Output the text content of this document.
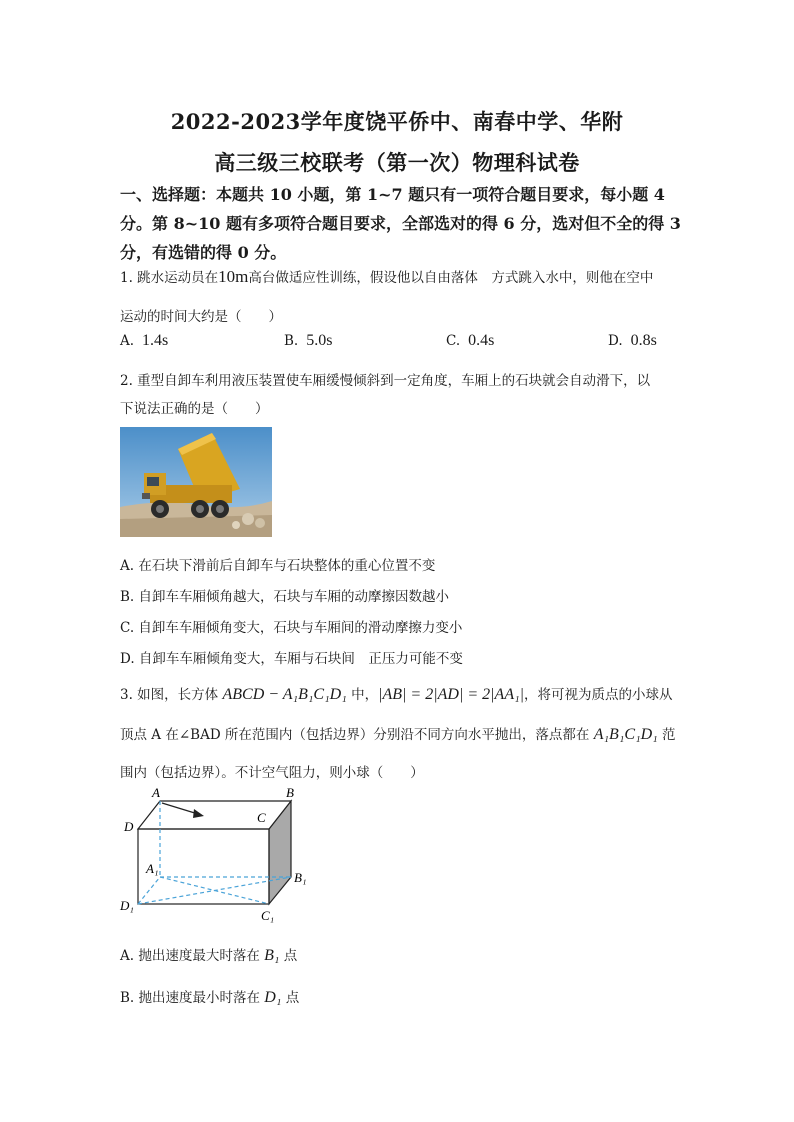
2022-2023学年度饶平侨中、南春中学、华附
高三级三校联考（第一次）物理科试卷
一、选择题：本题共 10 小题，第 1~7 题只有一项符合题目要求，每小题 4 分。第 8~10 题有多项符合题目要求，全部选对的得 6 分，选对但不全的得 3 分，有选错的得 0 分。
1. 跳水运动员在10m高台做适应性训练，假设他以自由落体　方式跳入水中，则他在空中
运动的时间大约是（　　）
A. 1.4s	B. 5.0s	C. 0.4s	D. 0.8s
2. 重型自卸车利用液压装置使车厢缓慢倾斜到一定角度，车厢上的石块就会自动滑下，以
下说法正确的是（　　）
A. 在石块下滑前后自卸车与石块整体的重心位置不变
B. 自卸车车厢倾角越大，石块与车厢的动摩擦因数越小
C. 自卸车车厢倾角变大，石块与车厢间的滑动摩擦力变小
D. 自卸车车厢倾角变大，车厢与石块间　正压力可能不变
3. 如图，长方体 ABCD − A₁B₁C₁D₁ 中，|AB| = 2|AD| = 2|AA₁|，将可视为质点的小球从
顶点 A 在∠BAD 所在范围内（包括边界）分别沿不同方向水平抛出，落点都在 A₁B₁C₁D₁ 范
围内（包括边界）。不计空气阻力，则小球（　　）
A	B
C
D
A₁
B₁
C₁
D₁
A. 抛出速度最大时落在 B₁ 点
B. 抛出速度最小时落在 D₁ 点
